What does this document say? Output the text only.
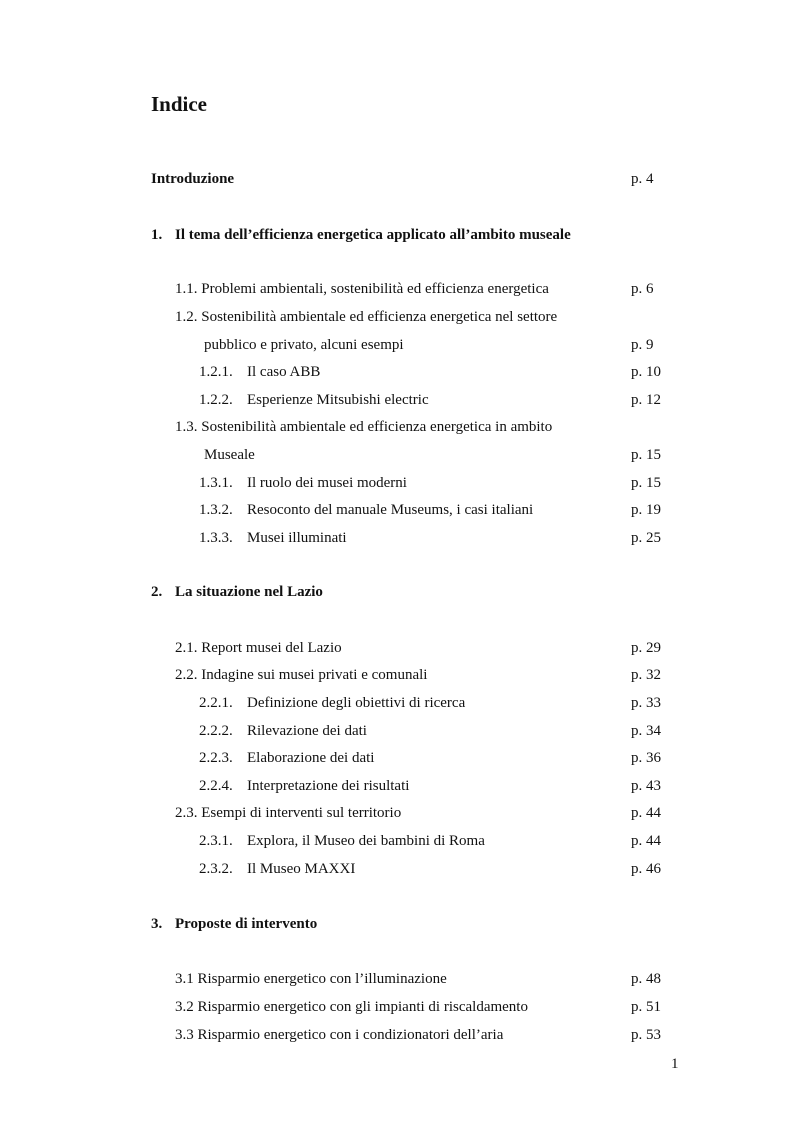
Indice
Introduzione	p. 4
1. Il tema dell’efficienza energetica applicato all’ambito museale
1.1. Problemi ambientali, sostenibilità ed efficienza energetica	p. 6
1.2. Sostenibilità ambientale ed efficienza energetica nel settore
pubblico e privato, alcuni esempi	p. 9
1.2.1. Il caso ABB	p. 10
1.2.2. Esperienze Mitsubishi electric	p. 12
1.3. Sostenibilità ambientale ed efficienza energetica in ambito
Museale	p. 15
1.3.1. Il ruolo dei musei moderni	p. 15
1.3.2. Resoconto del manuale Museums, i casi italiani	p. 19
1.3.3. Musei illuminati	p. 25
2. La situazione nel Lazio
2.1. Report musei del Lazio	p. 29
2.2. Indagine sui musei privati e comunali	p. 32
2.2.1. Definizione degli obiettivi di ricerca	p. 33
2.2.2. Rilevazione dei dati	p. 34
2.2.3. Elaborazione dei dati	p. 36
2.2.4. Interpretazione dei risultati	p. 43
2.3. Esempi di interventi sul territorio	p. 44
2.3.1. Explora, il Museo dei bambini di Roma	p. 44
2.3.2. Il Museo MAXXI	p. 46
3. Proposte di intervento
3.1 Risparmio energetico con l’illuminazione	p. 48
3.2 Risparmio energetico con gli impianti di riscaldamento	p. 51
3.3 Risparmio energetico con i condizionatori dell’aria	p. 53
1
